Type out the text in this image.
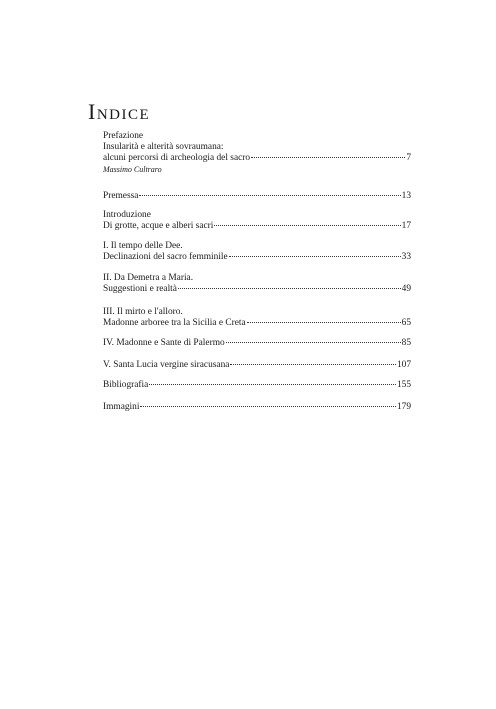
Indice
Prefazione
Insularità e alterità sovraumana:
alcuni percorsi di archeologia del sacro	7
Massimo Cultraro
Premessa	13
Introduzione
Di grotte, acque e alberi sacri	17
I. Il tempo delle Dee.
Declinazioni del sacro femminile	33
II. Da Demetra a Maria.
Suggestioni e realtà	49
III. Il mirto e l'alloro.
Madonne arboree tra la Sicilia e Creta	65
IV. Madonne e Sante di Palermo	85
V. Santa Lucia vergine siracusana	107
Bibliografia	155
Immagini	179
